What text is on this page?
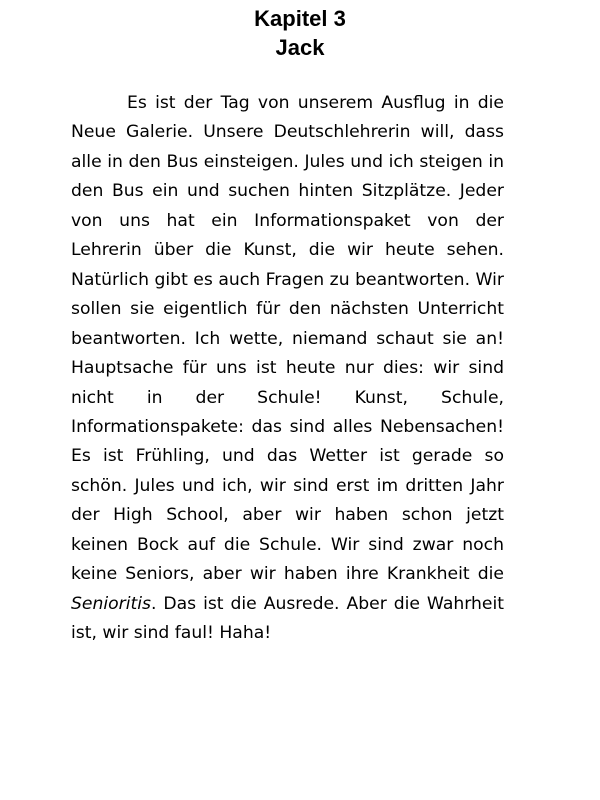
Kapitel 3
Jack

Es ist der Tag von unserem Ausflug in die Neue Galerie. Unsere Deutschlehrerin will, dass alle in den Bus einsteigen. Jules und ich steigen in den Bus ein und suchen hinten Sitzplätze. Jeder von uns hat ein Informationspaket von der Lehrerin über die Kunst, die wir heute sehen. Natürlich gibt es auch Fragen zu beantworten. Wir sollen sie eigentlich für den nächsten Unterricht beantworten. Ich wette, niemand schaut sie an! Hauptsache für uns ist heute nur dies: wir sind nicht in der Schule! Kunst, Schule, Informationspakete: das sind alles Nebensachen! Es ist Frühling, und das Wetter ist gerade so schön. Jules und ich, wir sind erst im dritten Jahr der High School, aber wir haben schon jetzt keinen Bock auf die Schule. Wir sind zwar noch keine Seniors, aber wir haben ihre Krankheit die Senioritis. Das ist die Ausrede. Aber die Wahrheit ist, wir sind faul! Haha!
